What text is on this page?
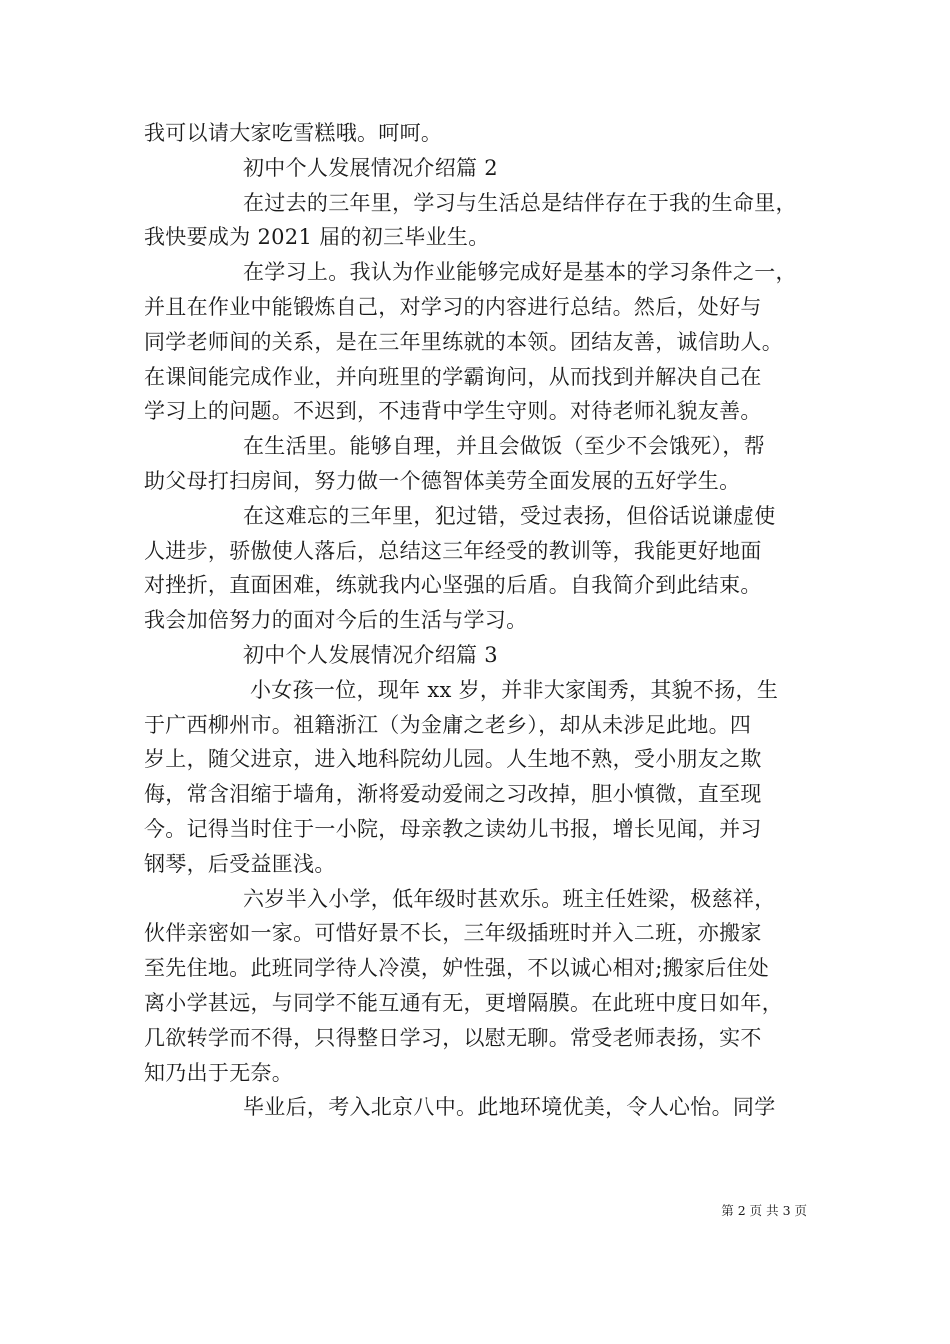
我可以请大家吃雪糕哦。呵呵。
初中个人发展情况介绍篇 2
在过去的三年里，学习与生活总是结伴存在于我的生命里，
我快要成为 2021 届的初三毕业生。
在学习上。我认为作业能够完成好是基本的学习条件之一，
并且在作业中能锻炼自己，对学习的内容进行总结。然后，处好与
同学老师间的关系，是在三年里练就的本领。团结友善，诚信助人。
在课间能完成作业，并向班里的学霸询问，从而找到并解决自己在
学习上的问题。不迟到，不违背中学生守则。对待老师礼貌友善。
在生活里。能够自理，并且会做饭（至少不会饿死），帮
助父母打扫房间，努力做一个德智体美劳全面发展的五好学生。
在这难忘的三年里，犯过错，受过表扬，但俗话说谦虚使
人进步，骄傲使人落后，总结这三年经受的教训等，我能更好地面
对挫折，直面困难，练就我内心坚强的后盾。自我简介到此结束。
我会加倍努力的面对今后的生活与学习。
初中个人发展情况介绍篇 3
小女孩一位，现年 xx 岁，并非大家闺秀，其貌不扬，生
于广西柳州市。祖籍浙江（为金庸之老乡），却从未涉足此地。四
岁上，随父进京，进入地科院幼儿园。人生地不熟，受小朋友之欺
侮，常含泪缩于墙角，渐将爱动爱闹之习改掉，胆小慎微，直至现
今。记得当时住于一小院，母亲教之读幼儿书报，增长见闻，并习
钢琴，后受益匪浅。
六岁半入小学，低年级时甚欢乐。班主任姓梁，极慈祥，
伙伴亲密如一家。可惜好景不长，三年级插班时并入二班，亦搬家
至先住地。此班同学待人冷漠，妒性强，不以诚心相对;搬家后住处
离小学甚远，与同学不能互通有无，更增隔膜。在此班中度日如年，
几欲转学而不得，只得整日学习，以慰无聊。常受老师表扬，实不
知乃出于无奈。
毕业后，考入北京八中。此地环境优美，令人心怡。同学
第 2 页 共 3 页
